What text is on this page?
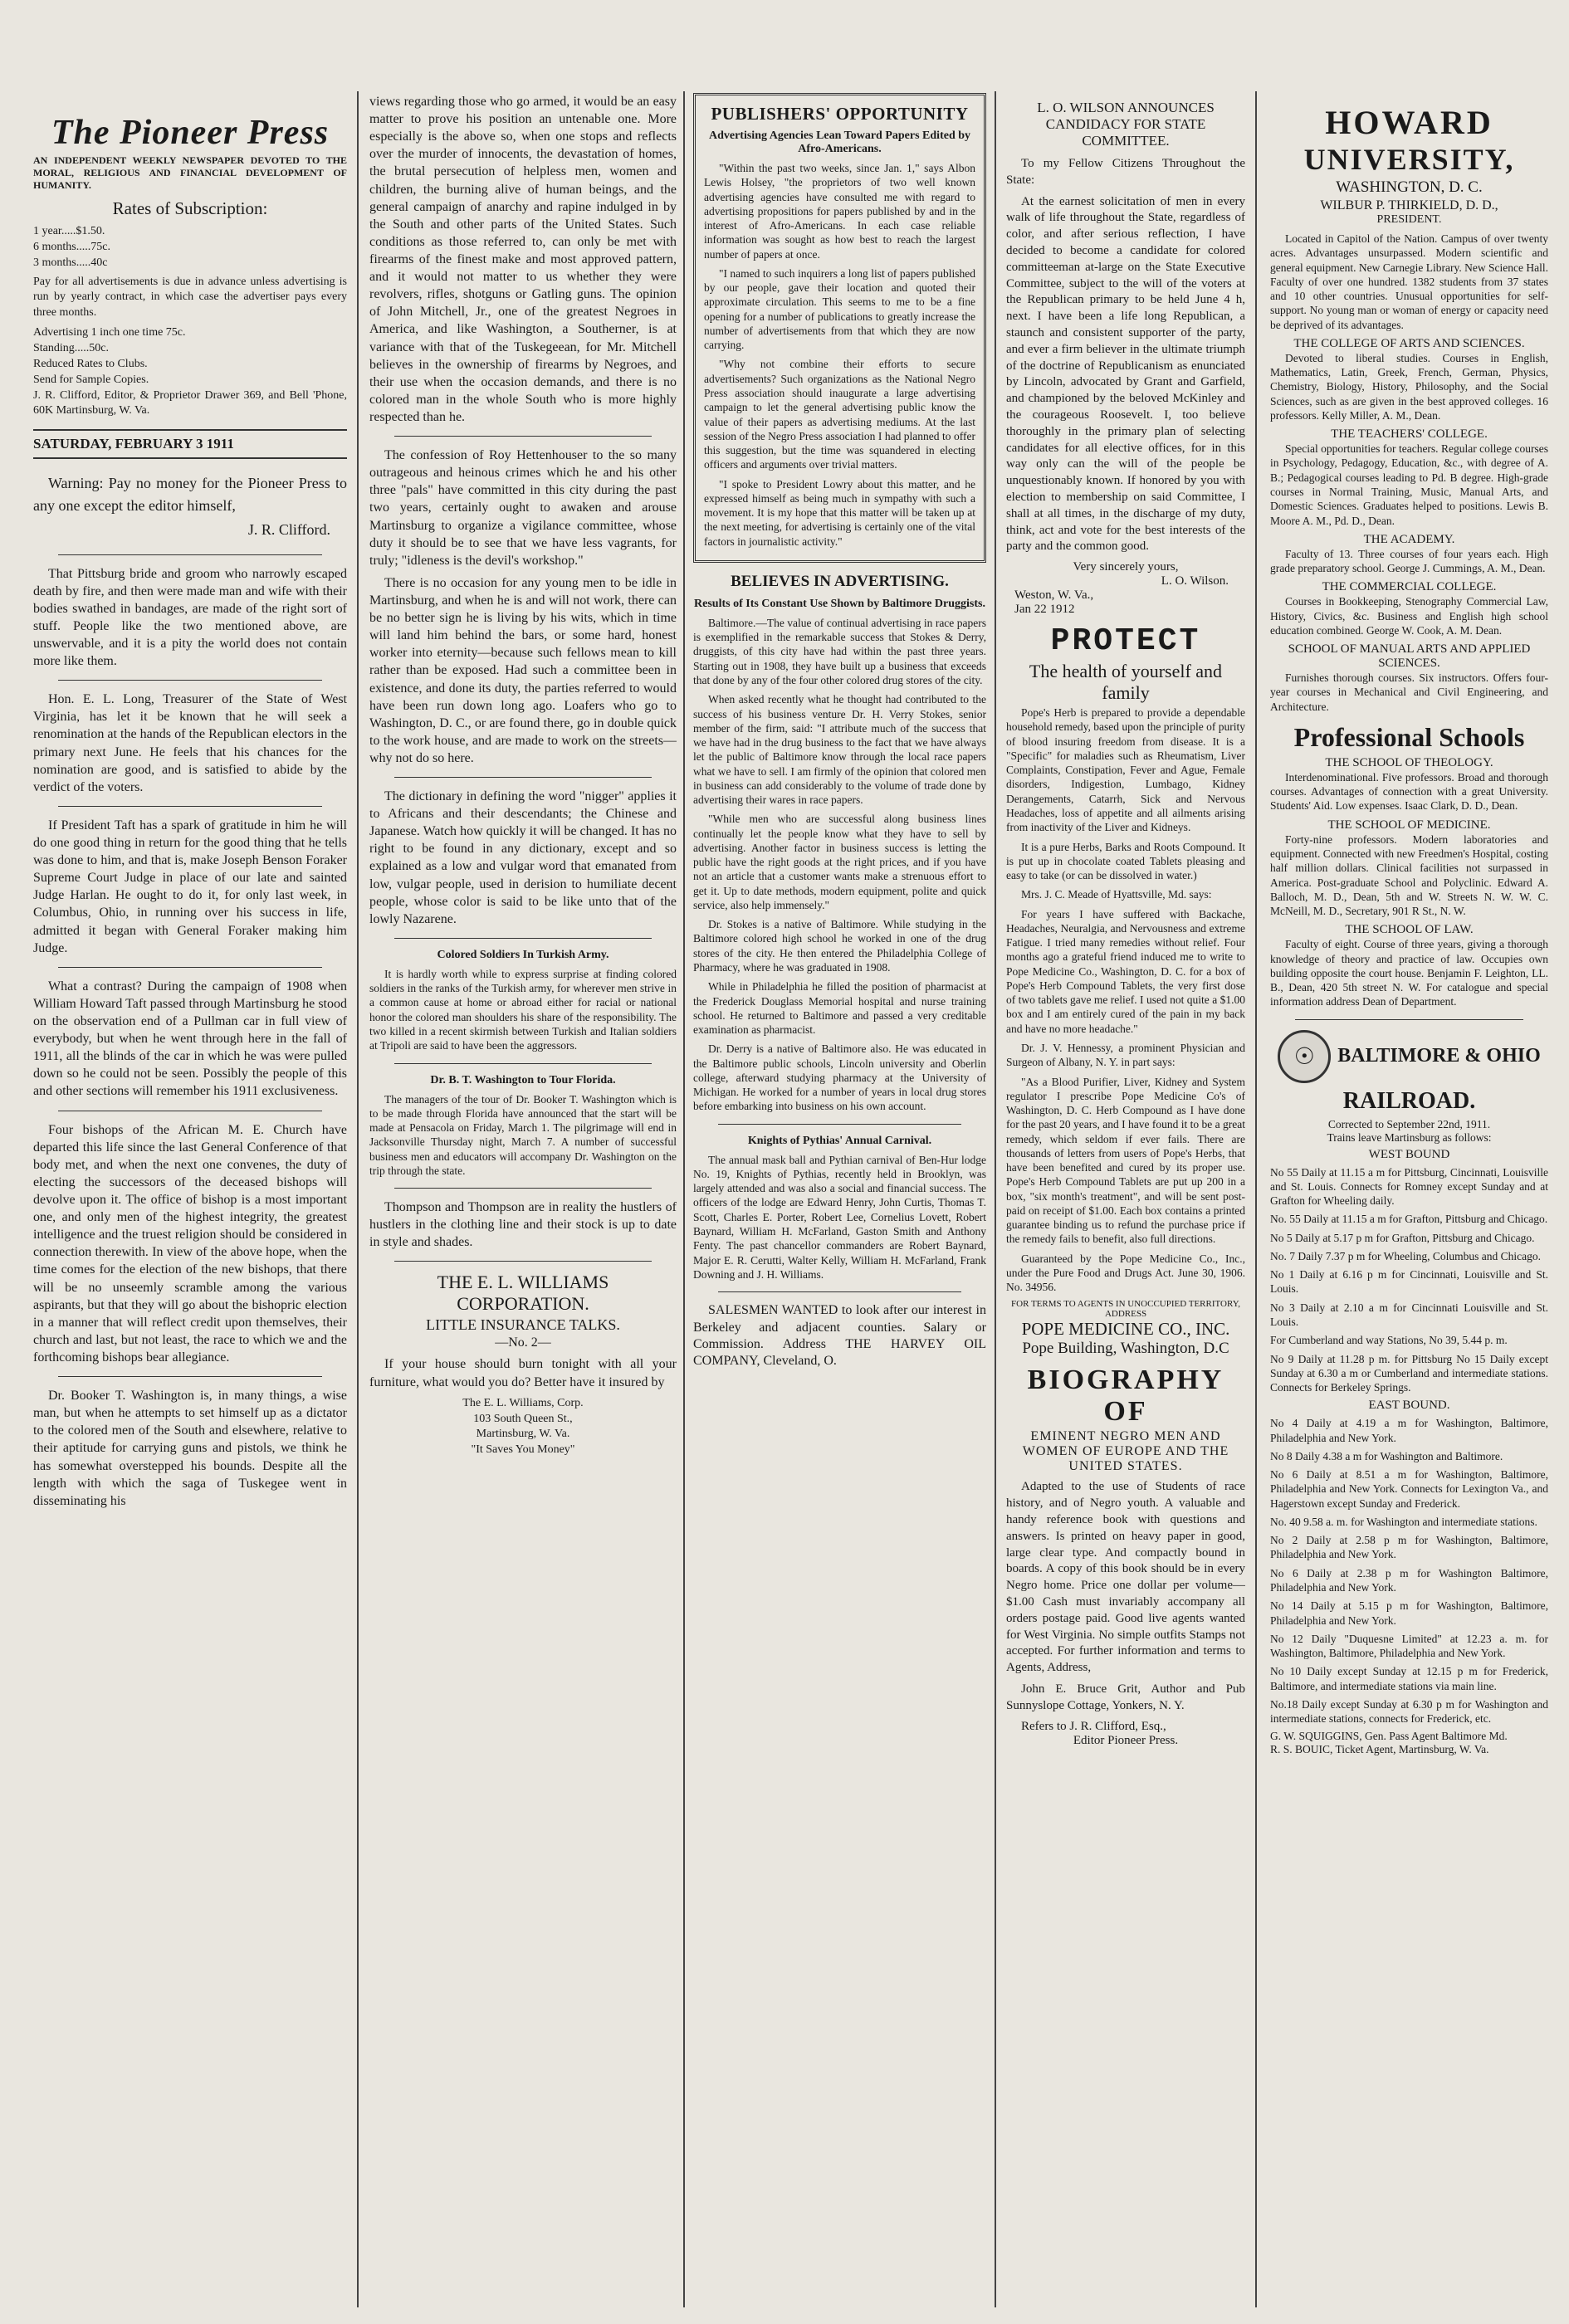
The Pioneer Press
AN INDEPENDENT WEEKLY NEWSPAPER DEVOTED TO THE MORAL, RELIGIOUS AND FINANCIAL DEVELOPMENT OF HUMANITY.
Rates of Subscription:
1 year.....$1.50.
6 months.....75c.
3 months.....40c

Pay for all advertisements is due in advance unless advertising is run by yearly contract, in which case the advertiser pays every three months.

Advertising 1 inch one time 75c.
Standing.....50c.
Reduced Rates to Clubs.
Send for Sample Copies.

J. R. Clifford, Editor, & Proprietor Drawer 369, and Bell 'Phone, 60K Martinsburg, W. Va.

SATURDAY, FEBRUARY 3 1911
Warning: Pay no money for the Pioneer Press to any one except the editor himself,
J. R. Clifford.

That Pittsburg bride and groom who narrowly escaped death by fire, and then were made man and wife with their bodies swathed in bandages, are made of the right sort of stuff. People like the two mentioned above, are unswervable, and it is a pity the world does not contain more like them.

Hon. E. L. Long, Treasurer of the State of West Virginia, has let it be known that he will seek a renomination at the hands of the Republican electors in the primary next June. He feels that his chances for the nomination are good, and is satisfied to abide by the verdict of the voters.

If President Taft has a spark of gratitude in him he will do one good thing in return for the good thing that he tells was done to him, and that is, make Joseph Benson Foraker Supreme Court Judge in place of our late and sainted Judge Harlan. He ought to do it, for only last week, in Columbus, Ohio, in running over his success in life, admitted it began with General Foraker making him Judge.

What a contrast? During the campaign of 1908 when William Howard Taft passed through Martinsburg he stood on the observation end of a Pullman car in full view of everybody, but when he went through here in the fall of 1911, all the blinds of the car in which he was were pulled down so he could not be seen. Possibly the people of this and other sections will remember his 1911 exclusiveness.

Four bishops of the African M. E. Church have departed this life since the last General Conference of that body met, and when the next one convenes, the duty of electing the successors of the deceased bishops will devolve upon it. The office of bishop is a most important one, and only men of the highest integrity, the greatest intelligence and the truest religion should be considered in connection therewith. In view of the above hope, when the time comes for the election of the new bishops, that there will be no unseemly scramble among the various aspirants, but that they will go about the bishopric election in a manner that will reflect credit upon themselves, their church and last, but not least, the race to which we and the forthcoming bishops bear allegiance.

Dr. Booker T. Washington is, in many things, a wise man, but when he attempts to set himself up as a dictator to the colored men of the South and elsewhere, relative to their aptitude for carrying guns and pistols, we think he has somewhat overstepped his bounds. Despite all the length with which the saga of Tuskegee went in disseminating his

views regarding those who go armed, it would be an easy matter to prove his position an untenable one. More especially is the above so, when one stops and reflects over the murder of innocents, the devastation of homes, the brutal persecution of helpless men, women and children, the burning alive of human beings, and the general campaign of anarchy and rapine indulged in by the South and other parts of the United States. Such conditions as those referred to, can only be met with firearms of the finest make and most approved pattern, and it would not matter to us whether they were revolvers, rifles, shotguns or Gatling guns. The opinion of John Mitchell, Jr., one of the greatest Negroes in America, and like Washington, a Southerner, is at variance with that of the Tuskegeean, for Mr. Mitchell believes in the ownership of firearms by Negroes, and their use when the occasion demands, and there is no colored man in the whole South who is more highly respected than he.

The confession of Roy Hettenhouser to the so many outrageous and heinous crimes which he and his other three "pals" have committed in this city during the past two years, certainly ought to awaken and arouse Martinsburg to organize a vigilance committee, whose duty it should be to see that we have less vagrants, for truly; "idleness is the devil's workshop."

There is no occasion for any young men to be idle in Martinsburg, and when he is and will not work, there can be no better sign he is living by his wits, which in time will land him behind the bars, or some hard, honest worker into eternity—because such fellows mean to kill rather than be exposed. Had such a committee been in existence, and done its duty, the parties referred to would have been run down long ago. Loafers who go to Washington, D. C., or are found there, go in double quick to the work house, and are made to work on the streets—why not do so here.

The dictionary in defining the word "nigger" applies it to Africans and their descendants; the Chinese and Japanese. Watch how quickly it will be changed. It has no right to be found in any dictionary, except and so explained as a low and vulgar word that emanated from low, vulgar people, used in derision to humiliate decent people, whose color is said to be like unto that of the lowly Nazarene.

Colored Soldiers In Turkish Army.

It is hardly worth while to express surprise at finding colored soldiers in the ranks of the Turkish army, for wherever men strive in a common cause at home or abroad either for racial or national honor the colored man shoulders his share of the responsibility. The two killed in a recent skirmish between Turkish and Italian soldiers at Tripoli are said to have been the aggressors.

Dr. B. T. Washington to Tour Florida.

The managers of the tour of Dr. Booker T. Washington which is to be made through Florida have announced that the start will be made at Pensacola on Friday, March 1. The pilgrimage will end in Jacksonville Thursday night, March 7. A number of successful business men and educators will accompany Dr. Washington on the trip through the state.

Thompson and Thompson are in reality the hustlers of hustlers in the clothing line and their stock is up to date in style and shades.

THE E. L. WILLIAMS CORPORATION.
LITTLE INSURANCE TALKS.
—No. 2—

If your house should burn tonight with all your furniture, what would you do? Better have it insured by

The E. L. Williams, Corp.
103 South Queen St.,
Martinsburg, W. Va.
"It Saves You Money"
PUBLISHERS' OPPORTUNITY
Advertising Agencies Lean Toward Papers Edited by Afro-Americans.

"Within the past two weeks, since Jan. 1," says Albon Lewis Holsey, "the proprietors of two well known advertising agencies have consulted me with regard to advertising propositions for papers published by and in the interest of Afro-Americans. In each case reliable information was sought as how best to reach the largest number of papers at once.

"I named to such inquirers a long list of papers published by our people, gave their location and quoted their approximate circulation. This seems to me to be a fine opening for a number of publications to greatly increase the number of advertisements from that which they are now carrying.

"Why not combine their efforts to secure advertisements? Such organizations as the National Negro Press association should inaugurate a large advertising campaign to let the general advertising public know the value of their papers as advertising mediums. At the last session of the Negro Press association I had planned to offer this suggestion, but the time was squandered in electing officers and arguments over trivial matters.

"I spoke to President Lowry about this matter, and he expressed himself as being much in sympathy with such a movement. It is my hope that this matter will be taken up at the next meeting, for advertising is certainly one of the vital factors in journalistic activity."

BELIEVES IN ADVERTISING.
Results of Its Constant Use Shown by Baltimore Druggists.

Baltimore.—The value of continual advertising in race papers is exemplified in the remarkable success that Stokes & Derry, druggists, of this city have had within the past three years. Starting out in 1908, they have built up a business that exceeds that done by any of the four other colored drug stores of the city.

When asked recently what he thought had contributed to the success of his business venture Dr. H. Verry Stokes, senior member of the firm, said: "I attribute much of the success that we have had in the drug business to the fact that we have always let the public of Baltimore know through the local race papers what we have to sell. I am firmly of the opinion that colored men in business can add considerably to the volume of trade done by advertising their wares in race papers.

"While men who are successful along business lines continually let the people know what they have to sell by advertising. Another factor in business success is letting the public have the right goods at the right prices, and if you have not an article that a customer wants make a strenuous effort to get it. Up to date methods, modern equipment, polite and quick service, also help immensely."

Dr. Stokes is a native of Baltimore. While studying in the Baltimore colored high school he worked in one of the drug stores of the city. He then entered the Philadelphia College of Pharmacy, where he was graduated in 1908.

While in Philadelphia he filled the position of pharmacist at the Frederick Douglass Memorial hospital and nurse training school. He returned to Baltimore and passed a very creditable examination as pharmacist.

Dr. Derry is a native of Baltimore also. He was educated in the Baltimore public schools, Lincoln university and Oberlin college, afterward studying pharmacy at the University of Michigan. He worked for a number of years in local drug stores before embarking into business on his own account.

Knights of Pythias' Annual Carnival.

The annual mask ball and Pythian carnival of Ben-Hur lodge No. 19, Knights of Pythias, recently held in Brooklyn, was largely attended and was also a social and financial success. The officers of the lodge are Edward Henry, John Curtis, Thomas T. Scott, Charles E. Porter, Robert Lee, Cornelius Lovett, Robert Baynard, William H. McFarland, Gaston Smith and Anthony Fenty. The past chancellor commanders are Robert Baynard, Major E. R. Cerutti, Walter Kelly, William H. McFarland, Frank Downing and J. H. Williams.

SALESMEN WANTED to look after our interest in Berkeley and adjacent counties. Salary or Commission. Address THE HARVEY OIL COMPANY, Cleveland, O.

L. O. WILSON ANNOUNCES CANDIDACY FOR STATE COMMITTEE.

To my Fellow Citizens Throughout the State:

At the earnest solicitation of men in every walk of life throughout the State, regardless of color, and after serious reflection, I have decided to become a candidate for colored committeeman at-large on the State Executive Committee, subject to the will of the voters at the Republican primary to be held June 4 h, next. I have been a life long Republican, a staunch and consistent supporter of the party, and ever a firm believer in the ultimate triumph of the doctrine of Republicanism as enunciated by Lincoln, advocated by Grant and Garfield, and championed by the beloved McKinley and the courageous Roosevelt. I, too believe thoroughly in the primary plan of selecting candidates for all elective offices, for in this way only can the will of the people be unquestionably known. If honored by you with election to membership on said Committee, I shall at all times, in the discharge of my duty, think, act and vote for the best interests of the party and the common good.

Very sincerely yours,
L. O. Wilson.
Weston, W. Va.,
Jan 22 1912
PROTECT
The health of yourself and family

Pope's Herb is prepared to provide a dependable household remedy, based upon the principle of purity of blood insuring freedom from disease. It is a "Specific" for maladies such as Rheumatism, Liver Complaints, Constipation, Fever and Ague, Female disorders, Indigestion, Lumbago, Kidney Derangements, Catarrh, Sick and Nervous Headaches, loss of appetite and all ailments arising from inactivity of the Liver and Kidneys.

It is a pure Herbs, Barks and Roots Compound. It is put up in chocolate coated Tablets pleasing and easy to take (or can be dissolved in water.)

Mrs. J. C. Meade of Hyattsville, Md. says:

For years I have suffered with Backache, Headaches, Neuralgia, and Nervousness and extreme Fatigue. I tried many remedies without relief. Four months ago a grateful friend induced me to write to Pope Medicine Co., Washington, D. C. for a box of Pope's Herb Compound Tablets, the very first dose of two tablets gave me relief. I used not quite a $1.00 box and I am entirely cured of the pain in my back and have no more headache."

Dr. J. V. Hennessy, a prominent Physician and Surgeon of Albany, N. Y. in part says:

"As a Blood Purifier, Liver, Kidney and System regulator I prescribe Pope Medicine Co's of Washington, D. C. Herb Compound as I have done for the past 20 years, and I have found it to be a great remedy, which seldom if ever fails. There are thousands of letters from users of Pope's Herbs, that have been benefited and cured by its proper use. Pope's Herb Compound Tablets are put up 200 in a box, "six month's treatment", and will be sent post-paid on receipt of $1.00. Each box contains a printed guarantee binding us to refund the purchase price if the remedy fails to benefit, also full directions.

Guaranteed by the Pope Medicine Co., Inc., under the Pure Food and Drugs Act. June 30, 1906. No. 34956.

FOR TERMS TO AGENTS IN UNOCCUPIED TERRITORY, ADDRESS
POPE MEDICINE CO., INC.
Pope Building, Washington, D.C
BIOGRAPHY OF
EMINENT NEGRO MEN AND WOMEN OF EUROPE AND THE UNITED STATES.

Adapted to the use of Students of race history, and of Negro youth. A valuable and handy reference book with questions and answers. Is printed on heavy paper in good, large clear type. And compactly bound in boards. A copy of this book should be in every Negro home. Price one dollar per volume—$1.00 Cash must invariably accompany all orders postage paid. Good live agents wanted for West Virginia. No simple outfits Stamps not accepted. For further information and terms to Agents, Address,

John E. Bruce Grit, Author and Pub Sunnyslope Cottage, Yonkers, N. Y.

Refers to J. R. Clifford, Esq.,
Editor Pioneer Press.
HOWARD
UNIVERSITY,
WASHINGTON, D. C.
WILBUR P. THIRKIELD, D. D.,
PRESIDENT.

Located in Capitol of the Nation. Campus of over twenty acres. Advantages unsurpassed. Modern scientific and general equipment. New Carnegie Library. New Science Hall. Faculty of over one hundred. 1382 students from 37 states and 10 other countries. Unusual opportunities for self-support. No young man or woman of energy or capacity need be deprived of its advantages.

THE COLLEGE OF ARTS AND SCIENCES.

Devoted to liberal studies. Courses in English, Mathematics, Latin, Greek, French, German, Physics, Chemistry, Biology, History, Philosophy, and the Social Sciences, such as are given in the best approved colleges. 16 professors. Kelly Miller, A. M., Dean.

THE TEACHERS' COLLEGE.

Special opportunities for teachers. Regular college courses in Psychology, Pedagogy, Education, &c., with degree of A. B.; Pedagogical courses leading to Pd. B degree. High-grade courses in Normal Training, Music, Manual Arts, and Domestic Sciences. Graduates helped to positions. Lewis B. Moore A. M., Pd. D., Dean.

THE ACADEMY.

Faculty of 13. Three courses of four years each. High grade preparatory school. George J. Cummings, A. M., Dean.

THE COMMERCIAL COLLEGE.

Courses in Bookkeeping, Stenography Commercial Law, History, Civics, &c. Business and English high school education combined. George W. Cook, A. M. Dean.

SCHOOL OF MANUAL ARTS AND APPLIED SCIENCES.

Furnishes thorough courses. Six instructors. Offers four-year courses in Mechanical and Civil Engineering, and Architecture.

Professional Schools
THE SCHOOL OF THEOLOGY.

Interdenominational. Five professors. Broad and thorough courses. Advantages of connection with a great University. Students' Aid. Low expenses. Isaac Clark, D. D., Dean.

THE SCHOOL OF MEDICINE.

Forty-nine professors. Modern laboratories and equipment. Connected with new Freedmen's Hospital, costing half million dollars. Clinical facilities not surpassed in America. Post-graduate School and Polyclinic. Edward A. Balloch, M. D., Dean, 5th and W. Streets N. W. W. C. McNeill, M. D., Secretary, 901 R St., N. W.

THE SCHOOL OF LAW.

Faculty of eight. Course of three years, giving a thorough knowledge of theory and practice of law. Occupies own building opposite the court house. Benjamin F. Leighton, LL. B., Dean, 420 5th street N. W. For catalogue and special information address Dean of Department.

☉	BALTIMORE & OHIO
RAILROAD.
Corrected to September 22nd, 1911.
Trains leave Martinsburg as follows:
WEST BOUND
No 55 Daily at 11.15 a m for Pittsburg, Cincinnati, Louisville and St. Louis. Connects for Romney except Sunday and at Grafton for Wheeling daily.
No. 55 Daily at 11.15 a m for Grafton, Pittsburg and Chicago.
No 5 Daily at 5.17 p m for Grafton, Pittsburg and Chicago.
No. 7 Daily 7.37 p m for Wheeling, Columbus and Chicago.
No 1 Daily at 6.16 p m for Cincinnati, Louisville and St. Louis.
No 3 Daily at 2.10 a m for Cincinnati Louisville and St. Louis.
For Cumberland and way Stations, No 39, 5.44 p. m.
No 9 Daily at 11.28 p m. for Pittsburg No 15 Daily except Sunday at 6.30 a m or Cumberland and intermediate stations. Connects for Berkeley Springs.
EAST BOUND.
No 4 Daily at 4.19 a m for Washington, Baltimore, Philadelphia and New York.
No 8 Daily 4.38 a m for Washington and Baltimore.
No 6 Daily at 8.51 a m for Washington, Baltimore, Philadelphia and New York. Connects for Lexington Va., and Hagerstown except Sunday and Frederick.
No. 40 9.58 a. m. for Washington and intermediate stations.
No 2 Daily at 2.58 p m for Washington, Baltimore, Philadelphia and New York.
No 6 Daily at 2.38 p m for Washington Baltimore, Philadelphia and New York.
No 14 Daily at 5.15 p m for Washington, Baltimore, Philadelphia and New York.
No 12 Daily "Duquesne Limited" at 12.23 a. m. for Washington, Baltimore, Philadelphia and New York.
No 10 Daily except Sunday at 12.15 p m for Frederick, Baltimore, and intermediate stations via main line.
No.18 Daily except Sunday at 6.30 p m for Washington and intermediate stations, connects for Frederick, etc.
G. W. SQUIGGINS, Gen. Pass Agent Baltimore Md.
R. S. BOUIC, Ticket Agent, Martinsburg, W. Va.
